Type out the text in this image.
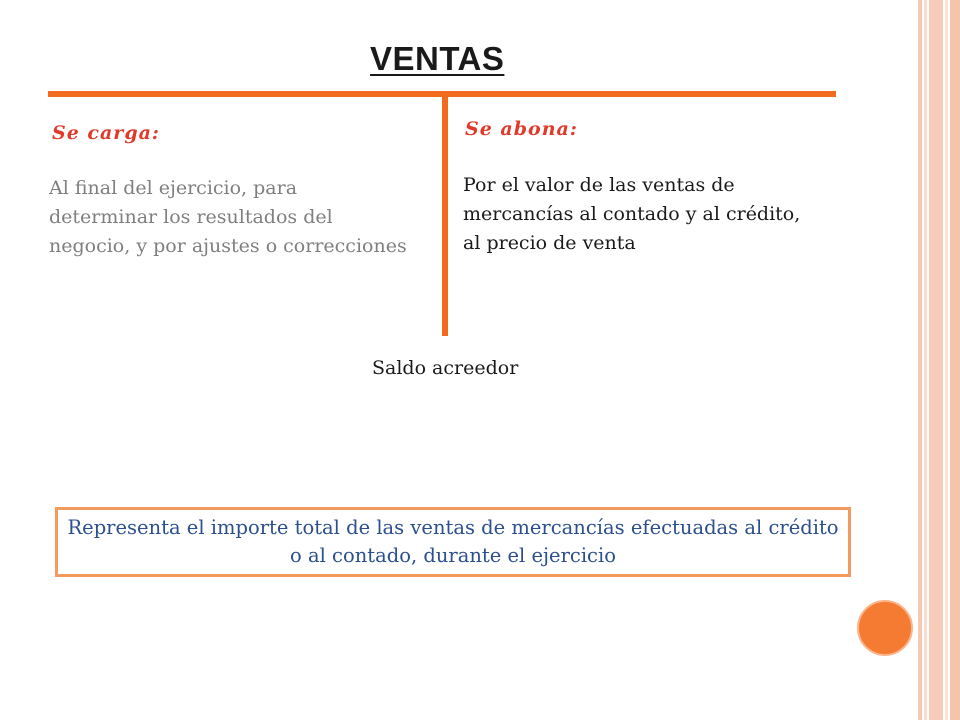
VENTAS
Se carga:
Al final del ejercicio, para determinar los resultados del negocio, y por ajustes o correcciones
Se abona:
Por el valor de las ventas de mercancías al contado y al crédito, al precio de venta
Saldo acreedor
Representa el importe total de las ventas de mercancías efectuadas al crédito o al contado, durante el ejercicio
